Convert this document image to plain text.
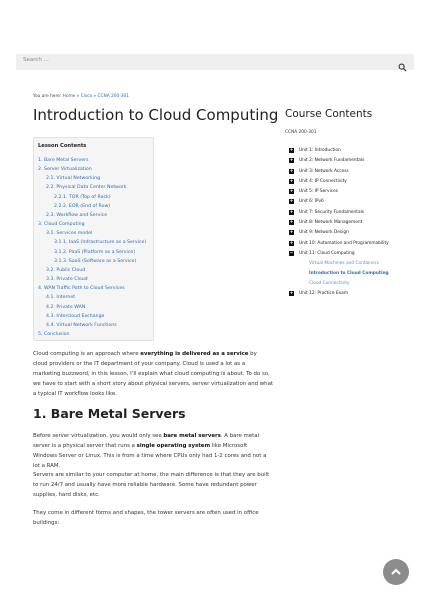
Search ...
You are here: Home » Cisco » CCNA 200-301
Introduction to Cloud Computing
Lesson Contents
1. Bare Metal Servers
2. Server Virtualization
2.1. Virtual Networking
2.2. Physical Data Center Network
2.2.1. TOR (Top of Rack)
2.2.2. EOR (End of Row)
2.3. Workflow and Service
3. Cloud Computing
3.1. Services model
3.1.1. IaaS (Infrastructure as a Service)
3.1.2. PaaS (Platform as a Service)
3.1.3. SaaS (Software as a Service)
3.2. Public Cloud
3.3. Private Cloud
4. WAN Traffic Path to Cloud Services
4.1. Internet
4.2. Private WAN
4.3. Intercloud Exchange
4.4. Virtual Network Functions
5. Conclusion
Course Contents
CCNA 200-301
+ Unit 1: Introduction
+ Unit 2: Network Fundamentals
+ Unit 3: Network Access
+ Unit 4: IP Connectivity
+ Unit 5: IP Services
+ Unit 6: IPv6
+ Unit 7: Security Fundamentals
+ Unit 8: Network Management
+ Unit 9: Network Design
+ Unit 10: Automation and Programmability
− Unit 11: Cloud Computing
Virtual Machines and Containers
Introduction to Cloud Computing
Cloud Connectivity
+ Unit 12: Practice Exam

Cloud computing is an approach where everything is delivered as a service by cloud providers or the IT department of your company. Cloud is used a lot as a marketing buzzword, in this lesson, I’ll explain what cloud computing is about. To do so, we have to start with a short story about physical servers, server virtualization and what a typical IT workflow looks like.

1. Bare Metal Servers

Before server virtualization, you would only see bare metal servers. A bare metal server is a physical server that runs a single operating system like Microsoft Windows Server or Linux. This is from a time where CPUs only had 1-2 cores and not a lot a RAM.

Servers are similar to your computer at home, the main difference is that they are built to run 24/7 and usually have more reliable hardware. Some have redundant power supplies, hard disks, etc.

They come in different forms and shapes, the tower servers are often used in office buildings:
